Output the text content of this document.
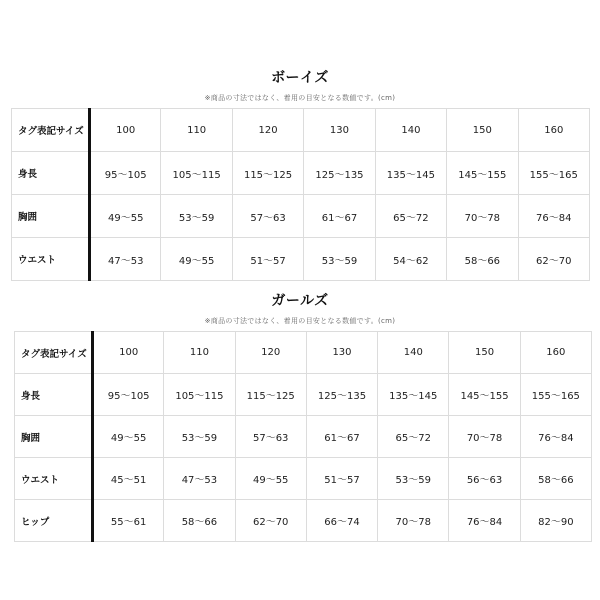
ボーイズ
※商品の寸法ではなく、着用の目安となる数値です。(cm)
タグ表記サイズ	100	110	120	130	140	150	160
身長	95〜105	105〜115	115〜125	125〜135	135〜145	145〜155	155〜165
胸囲	49〜55	53〜59	57〜63	61〜67	65〜72	70〜78	76〜84
ウエスト	47〜53	49〜55	51〜57	53〜59	54〜62	58〜66	62〜70
ガールズ
※商品の寸法ではなく、着用の目安となる数値です。(cm)
タグ表記サイズ	100	110	120	130	140	150	160
身長	95〜105	105〜115	115〜125	125〜135	135〜145	145〜155	155〜165
胸囲	49〜55	53〜59	57〜63	61〜67	65〜72	70〜78	76〜84
ウエスト	45〜51	47〜53	49〜55	51〜57	53〜59	56〜63	58〜66
ヒップ	55〜61	58〜66	62〜70	66〜74	70〜78	76〜84	82〜90
